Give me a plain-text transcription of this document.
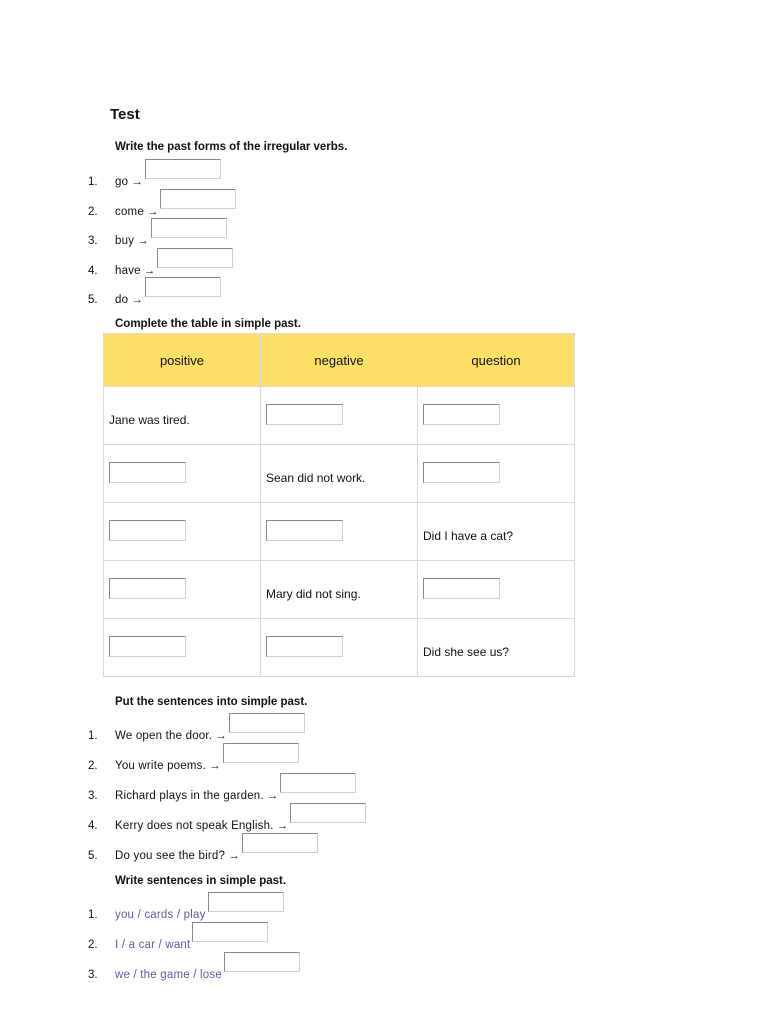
Test

Write the past forms of the irregular verbs.

1.	go →
2.	come →
3.	buy →
4.	have →
5.	do →

Complete the table in simple past.

positive	negative	question

Jane was tired.		

	Sean did not work.	

		Did I have a cat?

	Mary did not sing.	

		Did she see us?

Put the sentences into simple past.

1.	We open the door. →
2.	You write poems. →
3.	Richard plays in the garden. →
4.	Kerry does not speak English. →
5.	Do you see the bird? →

Write sentences in simple past.

1.	you / cards / play
2.	I / a car / want
3.	we / the game / lose
